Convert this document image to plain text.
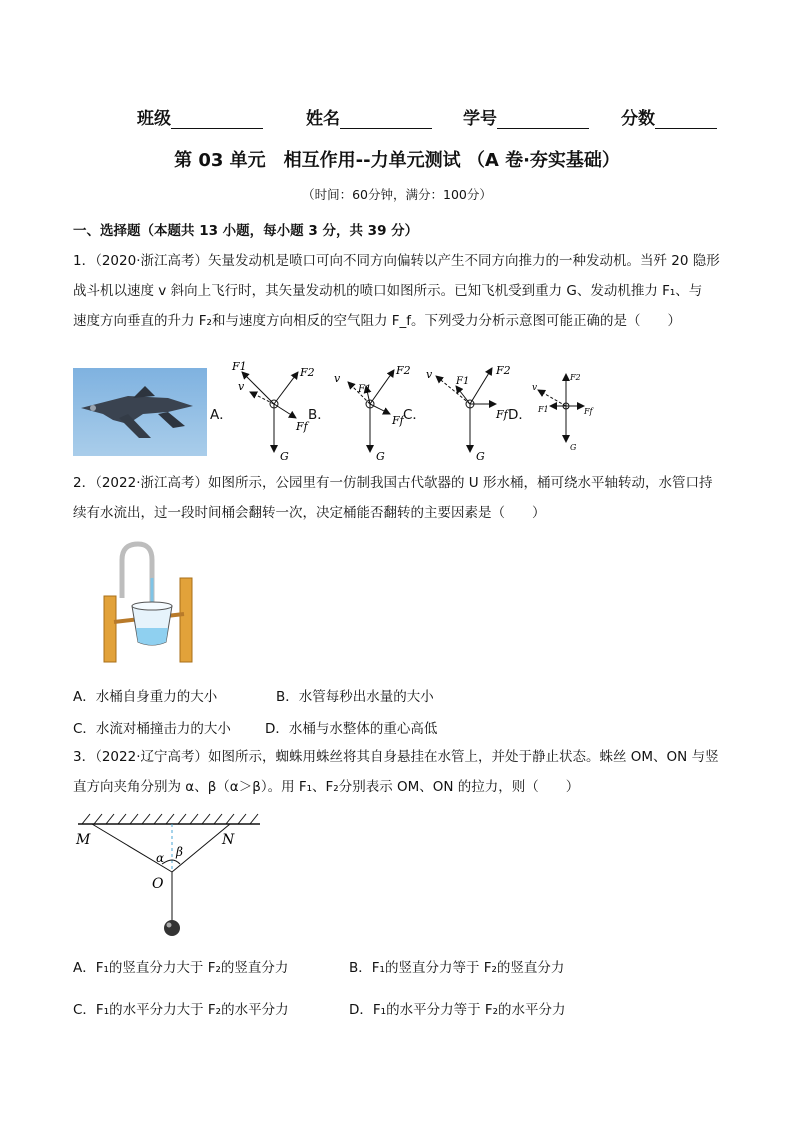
班级	姓名	学号	分数
第 03 单元　相互作用--力单元测试 （A 卷·夯实基础）
（时间：60分钟，满分：100分）
一、选择题（本题共 13 小题，每小题 3 分，共 39 分）
1．（2020·浙江高考）矢量发动机是喷口可向不同方向偏转以产生不同方向推力的一种发动机。当歼 20 隐形
战斗机以速度 v 斜向上飞行时，其矢量发动机的喷口如图所示。已知飞机受到重力 G、发动机推力 F₁、与
速度方向垂直的升力 F₂和与速度方向相反的空气阻力 F_f。下列受力分析示意图可能正确的是（　　）
A．	B．	C．	D．
F1	F2
v
Ff
G
v
F2
F1
Ff
G
v	F2
F1
Ff
G
v
F2
F1	Ff
G
2．（2022·浙江高考）如图所示，公园里有一仿制我国古代欹器的 U 形水桶，桶可绕水平轴转动，水管口持
续有水流出，过一段时间桶会翻转一次，决定桶能否翻转的主要因素是（　　）
A．水桶自身重力的大小	B．水管每秒出水量的大小
C．水流对桶撞击力的大小	D．水桶与水整体的重心高低
3．（2022·辽宁高考）如图所示，蜘蛛用蛛丝将其自身悬挂在水管上，并处于静止状态。蛛丝 OM、ON 与竖
直方向夹角分别为 α、β（α＞β）。用 F₁、F₂分别表示 OM、ON 的拉力，则（　　）
M	N
O
α β
A．F₁的竖直分力大于 F₂的竖直分力	B．F₁的竖直分力等于 F₂的竖直分力
C．F₁的水平分力大于 F₂的水平分力	D．F₁的水平分力等于 F₂的水平分力
